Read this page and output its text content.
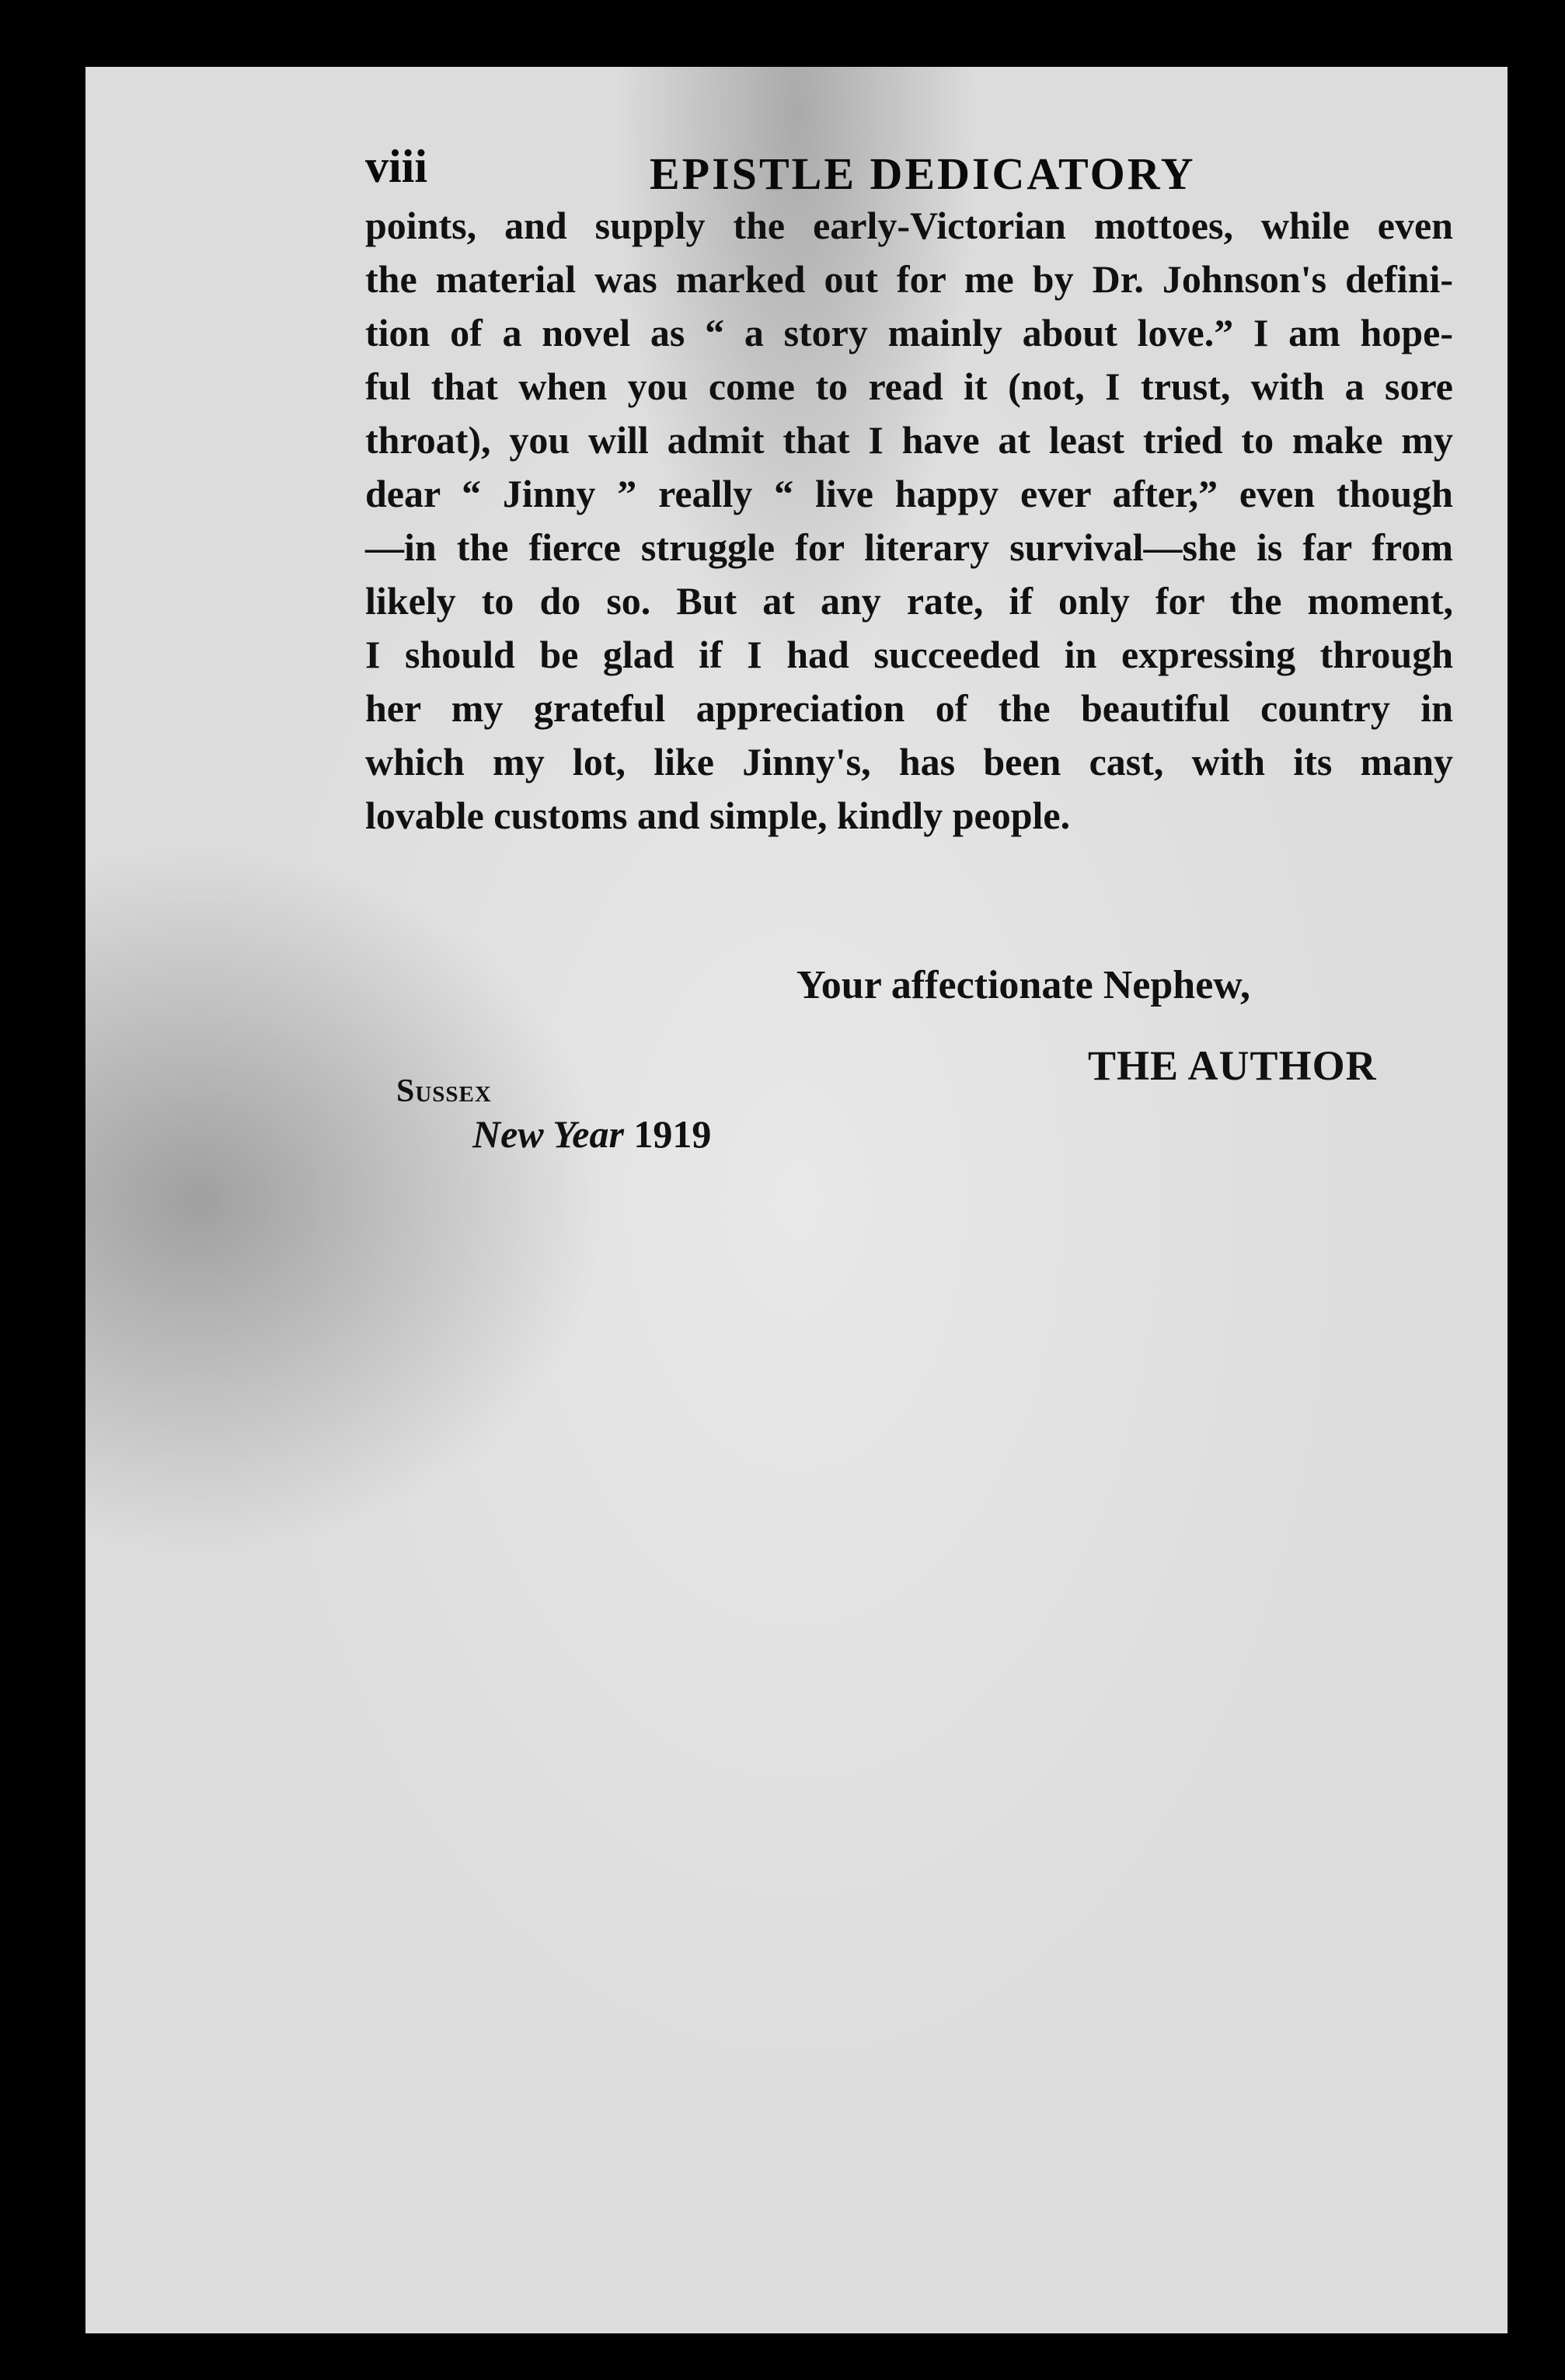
viii	EPISTLE DEDICATORY
points, and supply the early-Victorian mottoes, while even
the material was marked out for me by Dr. Johnson's defini-
tion of a novel as “ a story mainly about love.” I am hope-
ful that when you come to read it (not, I trust, with a sore
throat), you will admit that I have at least tried to make my
dear “ Jinny ” really “ live happy ever after,” even though
—in the fierce struggle for literary survival—she is far from
likely to do so. But at any rate, if only for the moment,
I should be glad if I had succeeded in expressing through
her my grateful appreciation of the beautiful country in
which my lot, like Jinny's, has been cast, with its many
lovable customs and simple, kindly people.
Your affectionate Nephew,
THE AUTHOR
Sussex
New Year 1919
